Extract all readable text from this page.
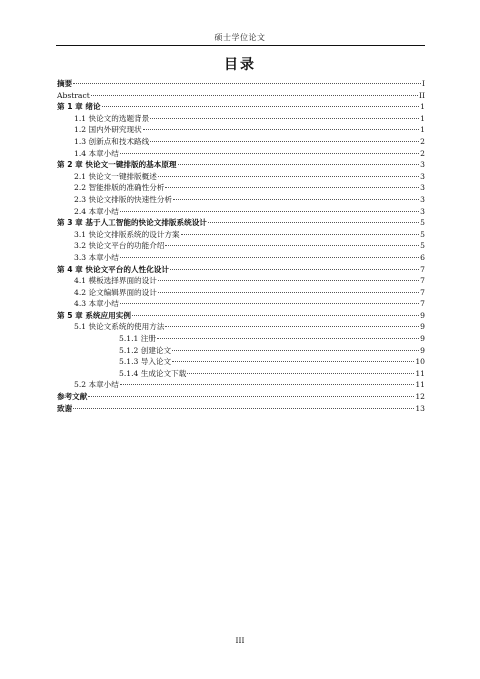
硕士学位论文
目录
摘要	I
Abstract	II
第 1 章 绪论	1
1.1 快论文的选题背景	1
1.2 国内外研究现状	1
1.3 创新点和技术路线	2
1.4 本章小结	2
第 2 章 快论文一键排版的基本原理	3
2.1 快论文一键排版概述	3
2.2 智能排版的准确性分析	3
2.3 快论文排版的快速性分析	3
2.4 本章小结	3
第 3 章 基于人工智能的快论文排版系统设计	5
3.1 快论文排版系统的设计方案	5
3.2 快论文平台的功能介绍	5
3.3 本章小结	6
第 4 章 快论文平台的人性化设计	7
4.1 模板选择界面的设计	7
4.2 论文编辑界面的设计	7
4.3 本章小结	7
第 5 章 系统应用实例	9
5.1 快论文系统的使用方法	9
5.1.1 注册	9
5.1.2 创建论文	9
5.1.3 导入论文	10
5.1.4 生成论文下载	11
5.2 本章小结	11
参考文献	12
致谢	13
III
